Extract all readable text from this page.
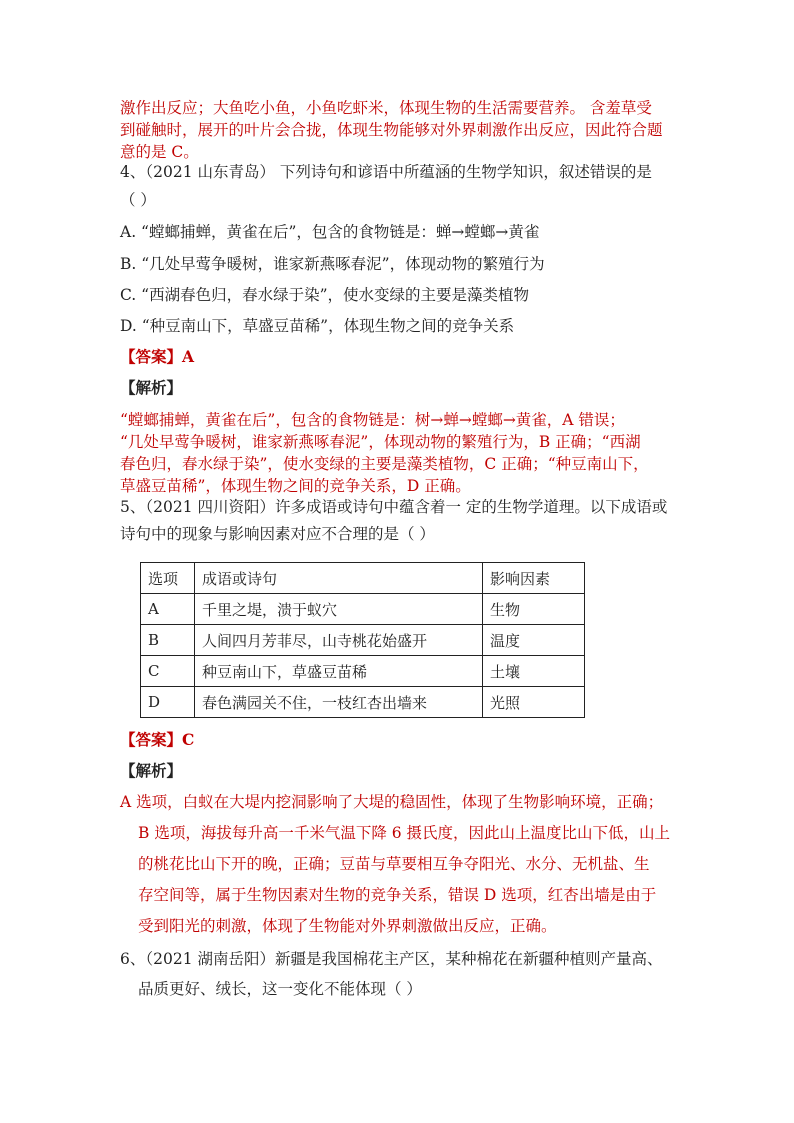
激作出反应；大鱼吃小鱼，小鱼吃虾米，体现生物的生活需要营养。 含羞草受
到碰触时，展开的叶片会合拢，体现生物能够对外界刺激作出反应，因此符合题
意的是 C。
4、（2021 山东青岛） 下列诗句和谚语中所蕴涵的生物学知识，叙述错误的是
（ ）
A. “螳螂捕蝉，黄雀在后”，包含的食物链是：蝉→螳螂→黄雀
B. “几处早莺争暖树，谁家新燕啄春泥”，体现动物的繁殖行为
C. “西湖春色归，春水绿于染”，使水变绿的主要是藻类植物
D. “种豆南山下，草盛豆苗稀”，体现生物之间的竞争关系
【答案】A
【解析】
“螳螂捕蝉，黄雀在后”，包含的食物链是：树→蝉→螳螂→黄雀，A 错误；
“几处早莺争暖树，谁家新燕啄春泥”，体现动物的繁殖行为，B 正确；“西湖
春色归，春水绿于染”，使水变绿的主要是藻类植物，C 正确；“种豆南山下，
草盛豆苗稀”，体现生物之间的竞争关系，D 正确。
5、（2021 四川资阳）许多成语或诗句中蕴含着一 定的生物学道理。以下成语或
诗句中的现象与影响因素对应不合理的是（ ）
选项	成语或诗句	影响因素
A	千里之堤，溃于蚁穴	生物
B	人间四月芳菲尽，山寺桃花始盛开	温度
C	种豆南山下，草盛豆苗稀	土壤
D	春色满园关不住，一枝红杏出墙来	光照
【答案】C
【解析】
A 选项，白蚁在大堤内挖洞影响了大堤的稳固性，体现了生物影响环境，正确；
B 选项，海拔每升高一千米气温下降 6 摄氏度，因此山上温度比山下低，山上
的桃花比山下开的晚，正确；豆苗与草要相互争夺阳光、水分、无机盐、生
存空间等，属于生物因素对生物的竞争关系，错误 D 选项，红杏出墙是由于
受到阳光的刺激，体现了生物能对外界刺激做出反应，正确。
6、（2021 湖南岳阳）新疆是我国棉花主产区，某种棉花在新疆种植则产量高、
品质更好、绒长，这一变化不能体现（ ）
